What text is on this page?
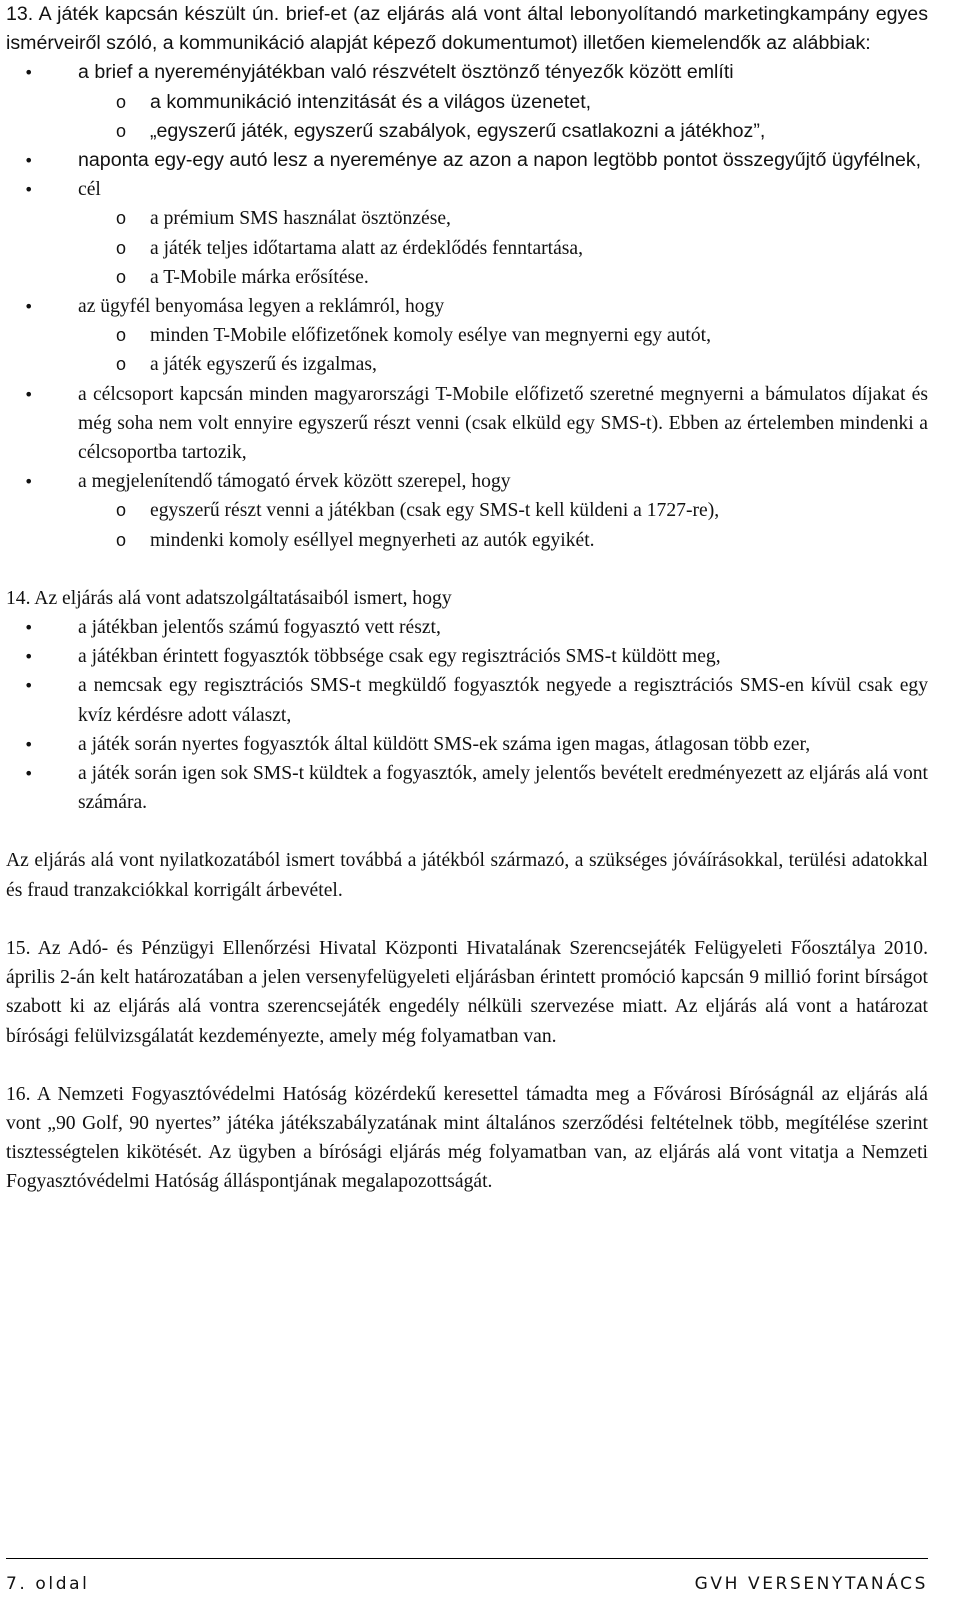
13. A játék kapcsán készült ún. brief-et (az eljárás alá vont által lebonyolítandó marketingkampány egyes ismérveiről szóló, a kommunikáció alapját képező dokumentumot) illetően kiemelendők az alábbiak:

• a brief a nyereményjátékban való részvételt ösztönző tényezők között említi
o a kommunikáció intenzitását és a világos üzenetet,
o „egyszerű játék, egyszerű szabályok, egyszerű csatlakozni a játékhoz”,
• naponta egy-egy autó lesz a nyereménye az azon a napon legtöbb pontot összegyűjtő ügyfélnek,
• cél
o a prémium SMS használat ösztönzése,
o a játék teljes időtartama alatt az érdeklődés fenntartása,
o a T-Mobile márka erősítése.
• az ügyfél benyomása legyen a reklámról, hogy
o minden T-Mobile előfizetőnek komoly esélye van megnyerni egy autót,
o a játék egyszerű és izgalmas,
• a célcsoport kapcsán minden magyarországi T-Mobile előfizető szeretné megnyerni a bámulatos díjakat és még soha nem volt ennyire egyszerű részt venni (csak elküld egy SMS-t). Ebben az értelemben mindenki a célcsoportba tartozik,
• a megjelenítendő támogató érvek között szerepel, hogy
o egyszerű részt venni a játékban (csak egy SMS-t kell küldeni a 1727-re),
o mindenki komoly eséllyel megnyerheti az autók egyikét.

14. Az eljárás alá vont adatszolgáltatásaiból ismert, hogy

• a játékban jelentős számú fogyasztó vett részt,
• a játékban érintett fogyasztók többsége csak egy regisztrációs SMS-t küldött meg,
• a nemcsak egy regisztrációs SMS-t megküldő fogyasztók negyede a regisztrációs SMS-en kívül csak egy kvíz kérdésre adott választ,
• a játék során nyertes fogyasztók által küldött SMS-ek száma igen magas, átlagosan több ezer,
• a játék során igen sok SMS-t küldtek a fogyasztók, amely jelentős bevételt eredményezett az eljárás alá vont számára.

Az eljárás alá vont nyilatkozatából ismert továbbá a játékból származó, a szükséges jóváírásokkal, terülési adatokkal és fraud tranzakciókkal korrigált árbevétel.

15. Az Adó- és Pénzügyi Ellenőrzési Hivatal Központi Hivatalának Szerencsejáték Felügyeleti Főosztálya 2010. április 2-án kelt határozatában a jelen versenyfelügyeleti eljárásban érintett promóció kapcsán 9 millió forint bírságot szabott ki az eljárás alá vontra szerencsejáték engedély nélküli szervezése miatt. Az eljárás alá vont a határozat bírósági felülvizsgálatát kezdeményezte, amely még folyamatban van.

16. A Nemzeti Fogyasztóvédelmi Hatóság közérdekű keresettel támadta meg a Fővárosi Bíróságnál az eljárás alá vont „90 Golf, 90 nyertes” játéka játékszabályzatának mint általános szerződési feltételnek több, megítélése szerint tisztességtelen kikötését. Az ügyben a bírósági eljárás még folyamatban van, az eljárás alá vont vitatja a Nemzeti Fogyasztóvédelmi Hatóság álláspontjának megalapozottságát.

7. oldal	GVH VERSENYTANÁCS
